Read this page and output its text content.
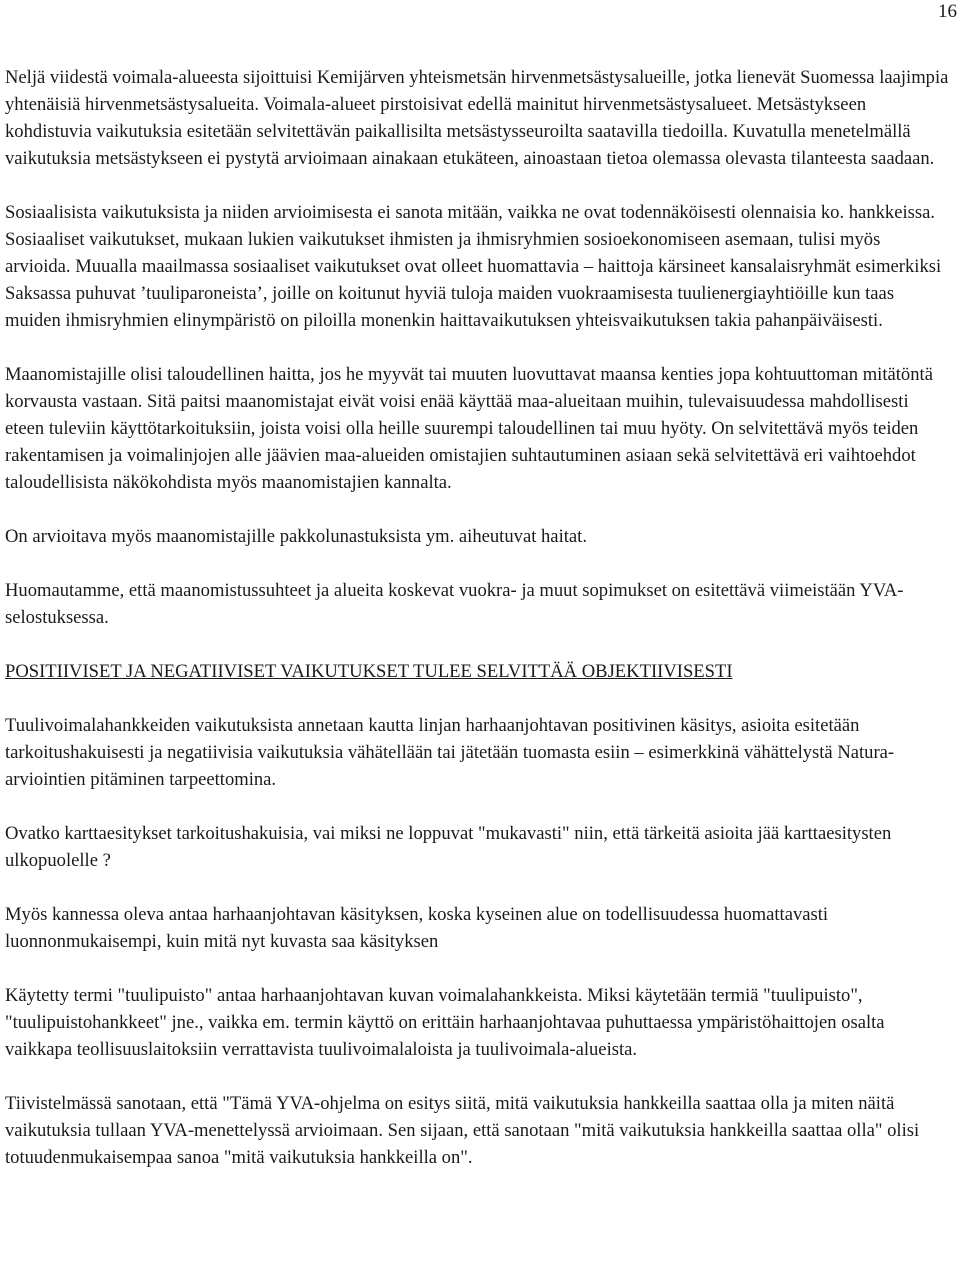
16

Neljä viidestä voimala-alueesta sijoittuisi Kemijärven yhteismetsän hirvenmetsästysalueille, jotka lienevät Suomessa laajimpia yhtenäisiä hirvenmetsästysalueita. Voimala-alueet pirstoisivat edellä mainitut hirvenmetsästysalueet. Metsästykseen kohdistuvia vaikutuksia esitetään selvitettävän paikallisilta metsästysseuroilta saatavilla tiedoilla. Kuvatulla menetelmällä vaikutuksia metsästykseen ei pystytä arvioimaan ainakaan etukäteen, ainoastaan tietoa olemassa olevasta tilanteesta saadaan.

Sosiaalisista vaikutuksista ja niiden arvioimisesta ei sanota mitään, vaikka ne ovat todennäköisesti olennaisia ko. hankkeissa. Sosiaaliset vaikutukset, mukaan lukien vaikutukset ihmisten ja ihmisryhmien sosioekonomiseen asemaan, tulisi myös arvioida. Muualla maailmassa sosiaaliset vaikutukset ovat olleet huomattavia – haittoja kärsineet kansalaisryhmät esimerkiksi Saksassa puhuvat ’tuuliparoneista’, joille on koitunut hyviä tuloja maiden vuokraamisesta tuulienergiayhtiöille kun taas muiden ihmisryhmien elinympäristö on piloilla monenkin haittavaikutuksen yhteisvaikutuksen takia pahanpäiväisesti.

Maanomistajille olisi taloudellinen haitta, jos he myyvät tai muuten luovuttavat maansa kenties jopa kohtuuttoman mitätöntä korvausta vastaan. Sitä paitsi maanomistajat eivät voisi enää käyttää maa-alueitaan muihin, tulevaisuudessa mahdollisesti eteen tuleviin käyttötarkoituksiin, joista voisi olla heille suurempi taloudellinen tai muu hyöty. On selvitettävä myös teiden rakentamisen ja voimalinjojen alle jäävien maa-alueiden omistajien suhtautuminen asiaan sekä selvitettävä eri vaihtoehdot taloudellisista näkökohdista myös maanomistajien kannalta.

On arvioitava myös maanomistajille pakkolunastuksista ym. aiheutuvat haitat.

Huomautamme, että maanomistussuhteet ja alueita koskevat vuokra- ja muut sopimukset on esitettävä viimeistään YVA-selostuksessa.

POSITIIVISET JA NEGATIIVISET VAIKUTUKSET TULEE SELVITTÄÄ OBJEKTIIVISESTI

Tuulivoimalahankkeiden vaikutuksista annetaan kautta linjan harhaanjohtavan positivinen käsitys, asioita esitetään tarkoitushakuisesti ja negatiivisia vaikutuksia vähätellään tai jätetään tuomasta esiin – esimerkkinä vähättelystä Natura-arviointien pitäminen tarpeettomina.

Ovatko karttaesitykset tarkoitushakuisia, vai miksi ne loppuvat "mukavasti" niin, että tärkeitä asioita jää karttaesitysten ulkopuolelle ?

Myös kannessa oleva antaa harhaanjohtavan käsityksen, koska kyseinen alue on todellisuudessa huomattavasti luonnonmukaisempi, kuin mitä nyt kuvasta saa käsityksen

Käytetty termi "tuulipuisto" antaa harhaanjohtavan kuvan voimalahankkeista. Miksi käytetään termiä "tuulipuisto", "tuulipuistohankkeet" jne., vaikka em. termin käyttö on erittäin harhaanjohtavaa puhuttaessa ympäristöhaittojen osalta vaikkapa teollisuuslaitoksiin verrattavista tuulivoimalaloista ja tuulivoimala-alueista.

Tiivistelmässä sanotaan, että "Tämä YVA-ohjelma on esitys siitä, mitä vaikutuksia hankkeilla saattaa olla ja miten näitä vaikutuksia tullaan YVA-menettelyssä arvioimaan. Sen sijaan, että sanotaan "mitä vaikutuksia hankkeilla saattaa olla" olisi totuudenmukaisempaa sanoa "mitä vaikutuksia hankkeilla on".
